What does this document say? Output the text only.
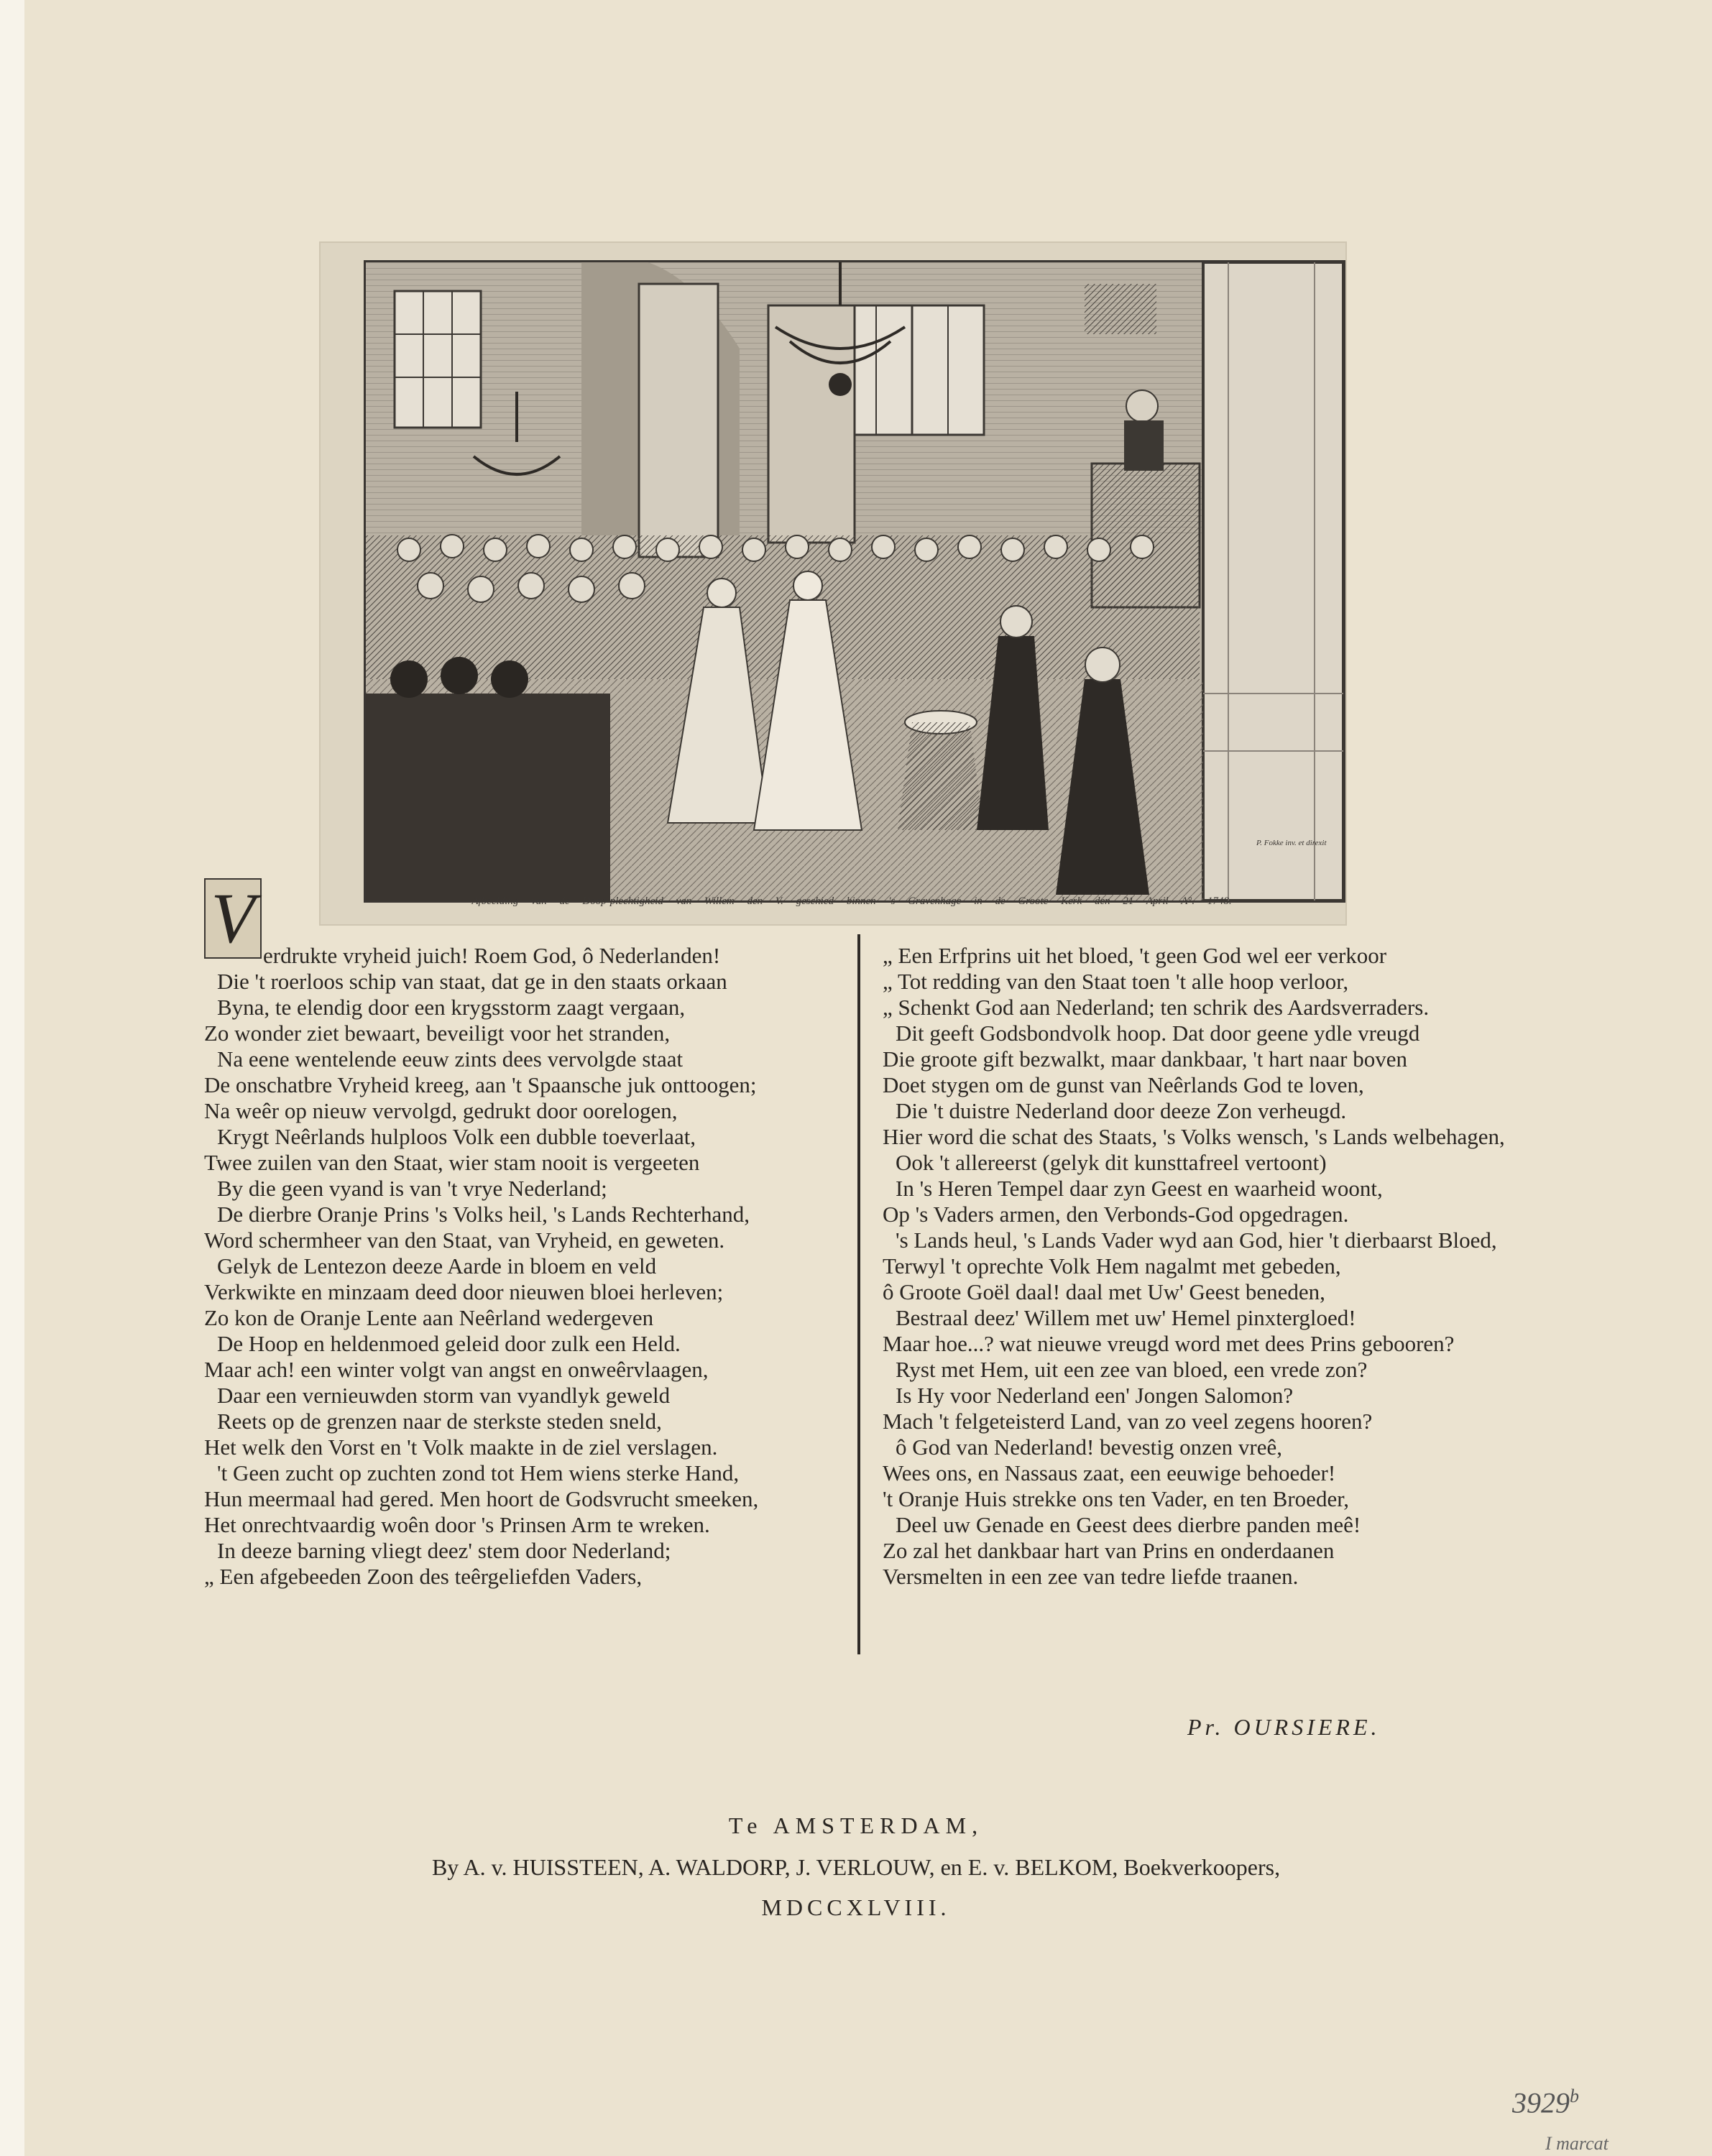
P. Fokke inv. et direxit
Afbeelding van de Doop-plechtigheid van Willem den V. geschied binnen 's Gravenhage in de Groote Kerk den 21 April A°. 1748.
V erdrukte vryheid juich! Roem God, ô Nederlanden!
Die 't roerloos schip van staat, dat ge in den staats orkaan
Byna, te elendig door een krygsstorm zaagt vergaan,
Zo wonder ziet bewaart, beveiligt voor het stranden,
Na eene wentelende eeuw zints dees vervolgde staat
De onschatbre Vryheid kreeg, aan 't Spaansche juk onttoogen;
Na weêr op nieuw vervolgd, gedrukt door oorelogen,
Krygt Neêrlands hulploos Volk een dubble toeverlaat,
Twee zuilen van den Staat, wier stam nooit is vergeeten
By die geen vyand is van 't vrye Nederland;
De dierbre Oranje Prins 's Volks heil, 's Lands Rechterhand,
Word schermheer van den Staat, van Vryheid, en geweten.
Gelyk de Lentezon deeze Aarde in bloem en veld
Verkwikte en minzaam deed door nieuwen bloei herleven;
Zo kon de Oranje Lente aan Neêrland wedergeven
De Hoop en heldenmoed geleid door zulk een Held.
Maar ach! een winter volgt van angst en onweêrvlaagen,
Daar een vernieuwden storm van vyandlyk geweld
Reets op de grenzen naar de sterkste steden sneld,
Het welk den Vorst en 't Volk maakte in de ziel verslagen.
't Geen zucht op zuchten zond tot Hem wiens sterke Hand,
Hun meermaal had gered. Men hoort de Godsvrucht smeeken,
Het onrechtvaardig woên door 's Prinsen Arm te wreken.
In deeze barning vliegt deez' stem door Nederland;
„ Een afgebeeden Zoon des teêrgeliefden Vaders,
„ Een Erfprins uit het bloed, 't geen God wel eer verkoor
„ Tot redding van den Staat toen 't alle hoop verloor,
„ Schenkt God aan Nederland; ten schrik des Aardsverraders.
Dit geeft Godsbondvolk hoop. Dat door geene ydle vreugd
Die groote gift bezwalkt, maar dankbaar, 't hart naar boven
Doet stygen om de gunst van Neêrlands God te loven,
Die 't duistre Nederland door deeze Zon verheugd.
Hier word die schat des Staats, 's Volks wensch, 's Lands welbehagen,
Ook 't allereerst (gelyk dit kunsttafreel vertoont)
In 's Heren Tempel daar zyn Geest en waarheid woont,
Op 's Vaders armen, den Verbonds-God opgedragen.
's Lands heul, 's Lands Vader wyd aan God, hier 't dierbaarst Bloed,
Terwyl 't oprechte Volk Hem nagalmt met gebeden,
ô Groote Goël daal! daal met Uw' Geest beneden,
Bestraal deez' Willem met uw' Hemel pinxtergloed!
Maar hoe...? wat nieuwe vreugd word met dees Prins gebooren?
Ryst met Hem, uit een zee van bloed, een vrede zon?
Is Hy voor Nederland een' Jongen Salomon?
Mach 't felgeteisterd Land, van zo veel zegens hooren?
ô God van Nederland! bevestig onzen vreê,
Wees ons, en Nassaus zaat, een eeuwige behoeder!
't Oranje Huis strekke ons ten Vader, en ten Broeder,
Deel uw Genade en Geest dees dierbre panden meê!
Zo zal het dankbaar hart van Prins en onderdaanen
Versmelten in een zee van tedre liefde traanen.
Pr. OURSIERE.
Te AMSTERDAM,
By A. v. HUISSTEEN, A. WALDORP, J. VERLOUW, en E. v. BELKOM, Boekverkoopers,
MDCCXLVIII.
3929$^b$
I marcat
